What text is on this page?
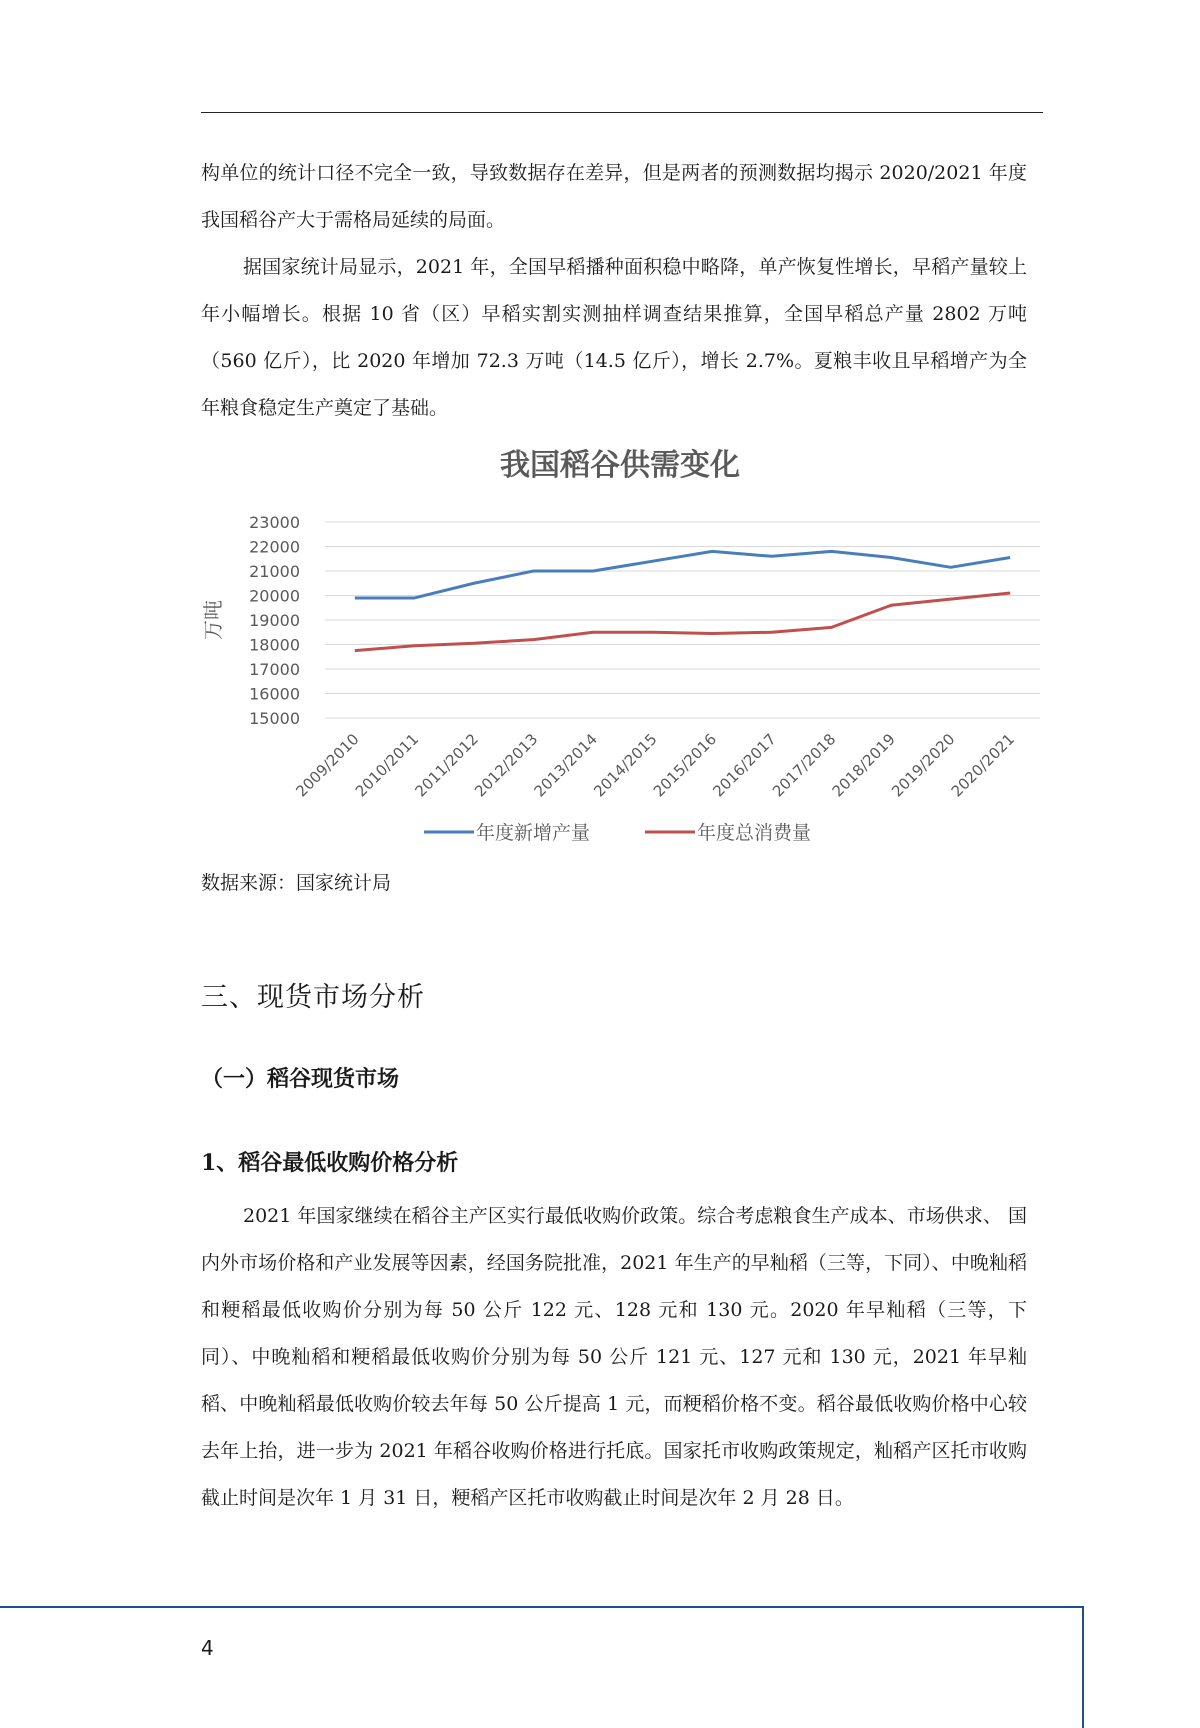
构单位的统计口径不完全一致，导致数据存在差异，但是两者的预测数据均揭示 2020/2021 年度我国稻谷产大于需格局延续的局面。

据国家统计局显示，2021 年，全国早稻播种面积稳中略降，单产恢复性增长，早稻产量较上年小幅增长。根据 10 省（区）早稻实割实测抽样调查结果推算，全国早稻总产量 2802 万吨（560 亿斤），比 2020 年增加 72.3 万吨（14.5 亿斤），增长 2.7%。夏粮丰收且早稻增产为全年粮食稳定生产奠定了基础。

15000
16000
17000
18000
19000
20000
21000
22000
23000
2009/2010
2010/2011
2011/2012
2012/2013
2013/2014
2014/2015
2015/2016
2016/2017
2017/2018
2018/2019
2019/2020
2020/2021
年度新增产量	年度总消费量
我国稻谷供需变化
万吨
数据来源：国家统计局
三、现货市场分析
（一）稻谷现货市场
1、稻谷最低收购价格分析

2021 年国家继续在稻谷主产区实行最低收购价政策。综合考虑粮食生产成本、市场供求、 国内外市场价格和产业发展等因素，经国务院批准，2021 年生产的早籼稻（三等，下同）、中晚籼稻和粳稻最低收购价分别为每 50 公斤 122 元、128 元和 130 元。2020 年早籼稻（三等，下同）、中晚籼稻和粳稻最低收购价分别为每 50 公斤 121 元、127 元和 130 元，2021 年早籼稻、中晚籼稻最低收购价较去年每 50 公斤提高 1 元，而粳稻价格不变。稻谷最低收购价格中心较去年上抬，进一步为 2021 年稻谷收购价格进行托底。国家托市收购政策规定，籼稻产区托市收购截止时间是次年 1 月 31 日，粳稻产区托市收购截止时间是次年 2 月 28 日。

4
